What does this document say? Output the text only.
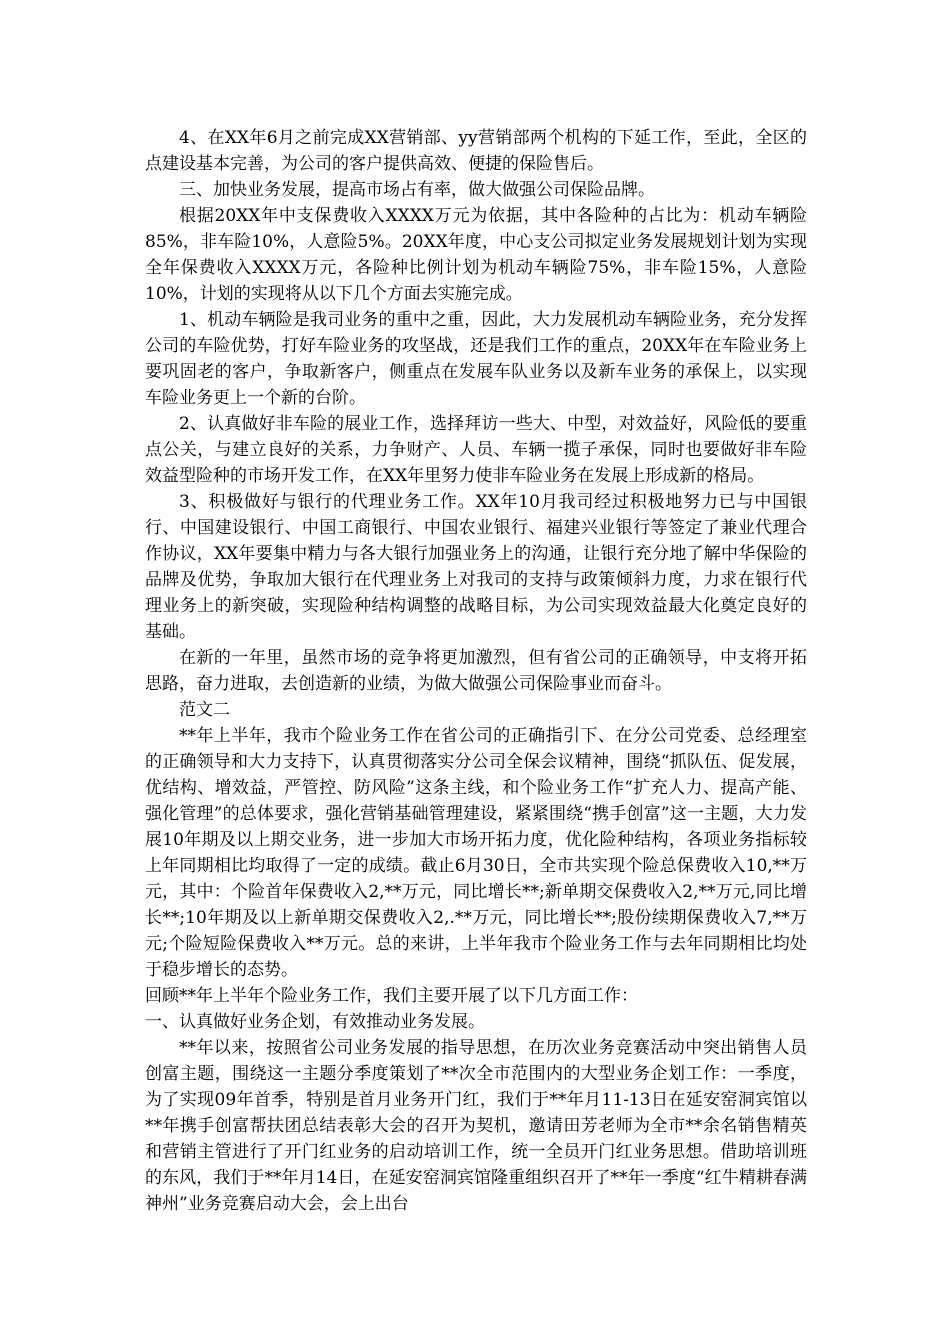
4、在XX年6月之前完成XX营销部、yy营销部两个机构的下延工作，至此，全区的点建设基本完善，为公司的客户提供高效、便捷的保险售后。

三、加快业务发展，提高市场占有率，做大做强公司保险品牌。

根据20XX年中支保费收入XXXX万元为依据，其中各险种的占比为：机动车辆险85%，非车险10%，人意险5%。20XX年度，中心支公司拟定业务发展规划计划为实现全年保费收入XXXX万元，各险种比例计划为机动车辆险75%，非车险15%，人意险10%，计划的实现将从以下几个方面去实施完成。

1、机动车辆险是我司业务的重中之重，因此，大力发展机动车辆险业务，充分发挥公司的车险优势，打好车险业务的攻坚战，还是我们工作的重点，20XX年在车险业务上要巩固老的客户，争取新客户，侧重点在发展车队业务以及新车业务的承保上，以实现车险业务更上一个新的台阶。

2、认真做好非车险的展业工作，选择拜访一些大、中型，对效益好，风险低的要重点公关，与建立良好的关系，力争财产、人员、车辆一揽子承保，同时也要做好非车险效益型险种的市场开发工作，在XX年里努力使非车险业务在发展上形成新的格局。

3、积极做好与银行的代理业务工作。XX年10月我司经过积极地努力已与中国银行、中国建设银行、中国工商银行、中国农业银行、福建兴业银行等签定了兼业代理合作协议，XX年要集中精力与各大银行加强业务上的沟通，让银行充分地了解中华保险的品牌及优势，争取加大银行在代理业务上对我司的支持与政策倾斜力度，力求在银行代理业务上的新突破，实现险种结构调整的战略目标，为公司实现效益最大化奠定良好的基础。

在新的一年里，虽然市场的竞争将更加激烈，但有省公司的正确领导，中支将开拓思路，奋力进取，去创造新的业绩，为做大做强公司保险事业而奋斗。

范文二

**年上半年，我市个险业务工作在省公司的正确指引下、在分公司党委、总经理室的正确领导和大力支持下，认真贯彻落实分公司全保会议精神，围绕“抓队伍、促发展，优结构、增效益，严管控、防风险”这条主线，和个险业务工作“扩充人力、提高产能、强化管理”的总体要求，强化营销基础管理建设，紧紧围绕“携手创富”这一主题，大力发展10年期及以上期交业务，进一步加大市场开拓力度，优化险种结构，各项业务指标较上年同期相比均取得了一定的成绩。截止6月30日，全市共实现个险总保费收入10,**万元，其中：个险首年保费收入2,**万元，同比增长**;新单期交保费收入2,**万元,同比增长**;10年期及以上新单期交保费收入2,.**万元，同比增长**;股份续期保费收入7,**万元;个险短险保费收入**万元。总的来讲，上半年我市个险业务工作与去年同期相比均处于稳步增长的态势。

回顾**年上半年个险业务工作，我们主要开展了以下几方面工作：

一、认真做好业务企划，有效推动业务发展。

**年以来，按照省公司业务发展的指导思想，在历次业务竞赛活动中突出销售人员创富主题，围绕这一主题分季度策划了**次全市范围内的大型业务企划工作：一季度，为了实现09年首季，特别是首月业务开门红，我们于**年月11-13日在延安窑洞宾馆以**年携手创富帮扶团总结表彰大会的召开为契机，邀请田芳老师为全市**余名销售精英和营销主管进行了开门红业务的启动培训工作，统一全员开门红业务思想。借助培训班的东风，我们于**年月14日，在延安窑洞宾馆隆重组织召开了**年一季度“红牛精耕春满神州”业务竞赛启动大会，会上出台
